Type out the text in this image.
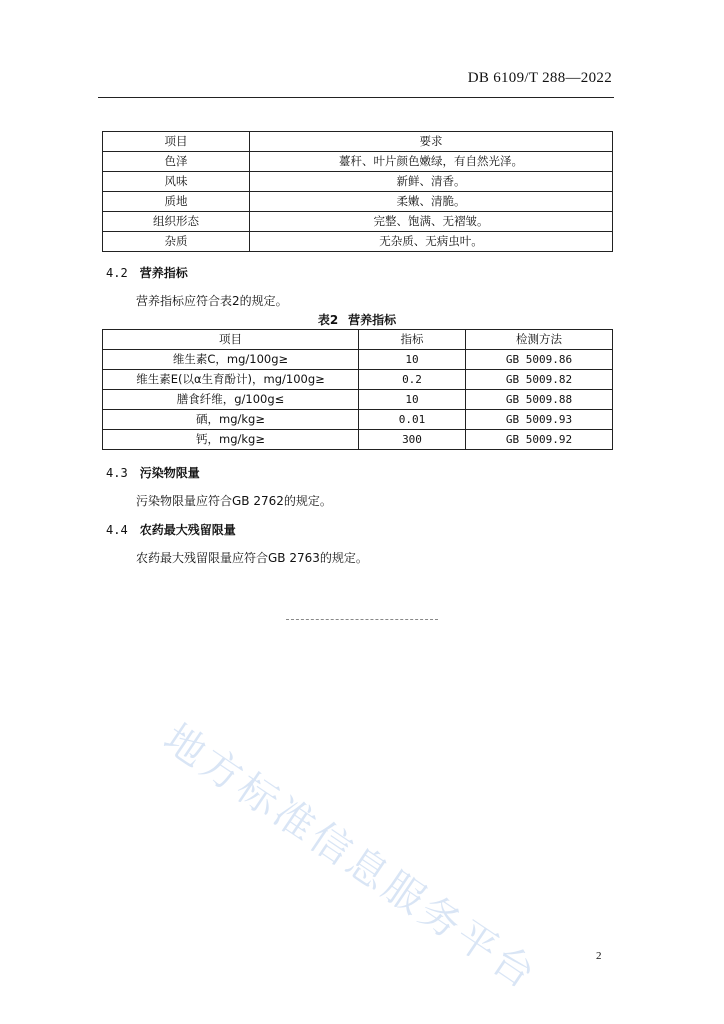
DB 6109/T 288—2022
项目	要求
色泽	薹秆、叶片颜色嫩绿，有自然光泽。
风味	新鲜、清香。
质地	柔嫩、清脆。
组织形态	完整、饱满、无褶皱。
杂质	无杂质、无病虫叶。
4.2 营养指标
营养指标应符合表2的规定。
表2 营养指标
项目	指标	检测方法
维生素C，mg/100g≥	10	GB 5009.86
维生素E(以α生育酚计)，mg/100g≥	0.2	GB 5009.82
膳食纤维，g/100g≤	10	GB 5009.88
硒，mg/kg≥	0.01	GB 5009.93
钙，mg/kg≥	300	GB 5009.92
4.3 污染物限量
污染物限量应符合GB 2762的规定。
4.4 农药最大残留限量
农药最大残留限量应符合GB 2763的规定。
地方标准信息服务平台	2
